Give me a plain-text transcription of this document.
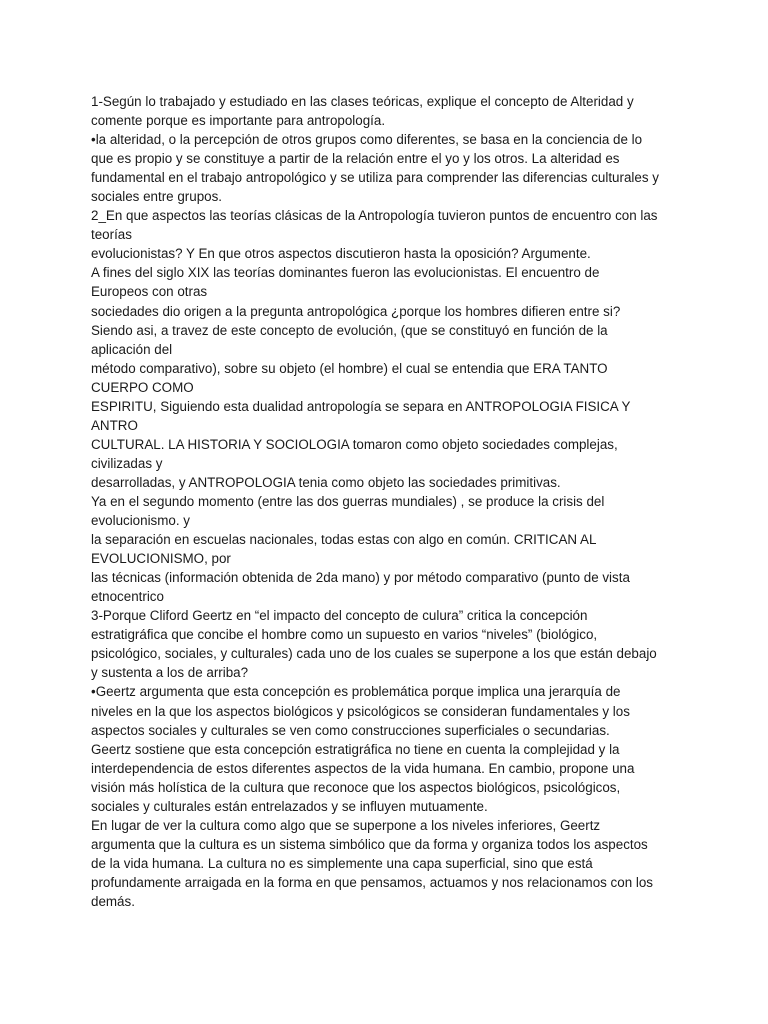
1-Según lo trabajado y estudiado en las clases teóricas, explique el concepto de Alteridad y

comente porque es importante para antropología.

•la alteridad, o la percepción de otros grupos como diferentes, se basa en la conciencia de lo

que es propio y se constituye a partir de la relación entre el yo y los otros. La alteridad es

fundamental en el trabajo antropológico y se utiliza para comprender las diferencias culturales y

sociales entre grupos.

2_En que aspectos las teorías clásicas de la Antropología tuvieron puntos de encuentro con las

teorías

evolucionistas? Y En que otros aspectos discutieron hasta la oposición? Argumente.

A fines del siglo XIX las teorías dominantes fueron las evolucionistas. El encuentro de

Europeos con otras

sociedades dio origen a la pregunta antropológica ¿porque los hombres difieren entre si?

Siendo asi, a travez de este concepto de evolución, (que se constituyó en función de la

aplicación del

método comparativo), sobre su objeto (el hombre) el cual se entendia que ERA TANTO

CUERPO COMO

ESPIRITU, Siguiendo esta dualidad antropología se separa en ANTROPOLOGIA FISICA Y

ANTRO

CULTURAL. LA HISTORIA Y SOCIOLOGIA tomaron como objeto sociedades complejas,

civilizadas y

desarrolladas, y ANTROPOLOGIA tenia como objeto las sociedades primitivas.

Ya en el segundo momento (entre las dos guerras mundiales) , se produce la crisis del

evolucionismo. y

la separación en escuelas nacionales, todas estas con algo en común. CRITICAN AL

EVOLUCIONISMO, por

las técnicas (información obtenida de 2da mano) y por método comparativo (punto de vista

etnocentrico

3-Porque Cliford Geertz en “el impacto del concepto de culura” critica la concepción

estratigráfica que concibe el hombre como un supuesto en varios “niveles” (biológico,

psicológico, sociales, y culturales) cada uno de los cuales se superpone a los que están debajo

y sustenta a los de arriba?

•Geertz argumenta que esta concepción es problemática porque implica una jerarquía de

niveles en la que los aspectos biológicos y psicológicos se consideran fundamentales y los

aspectos sociales y culturales se ven como construcciones superficiales o secundarias.

Geertz sostiene que esta concepción estratigráfica no tiene en cuenta la complejidad y la

interdependencia de estos diferentes aspectos de la vida humana. En cambio, propone una

visión más holística de la cultura que reconoce que los aspectos biológicos, psicológicos,

sociales y culturales están entrelazados y se influyen mutuamente.

En lugar de ver la cultura como algo que se superpone a los niveles inferiores, Geertz

argumenta que la cultura es un sistema simbólico que da forma y organiza todos los aspectos

de la vida humana. La cultura no es simplemente una capa superficial, sino que está

profundamente arraigada en la forma en que pensamos, actuamos y nos relacionamos con los

demás.
